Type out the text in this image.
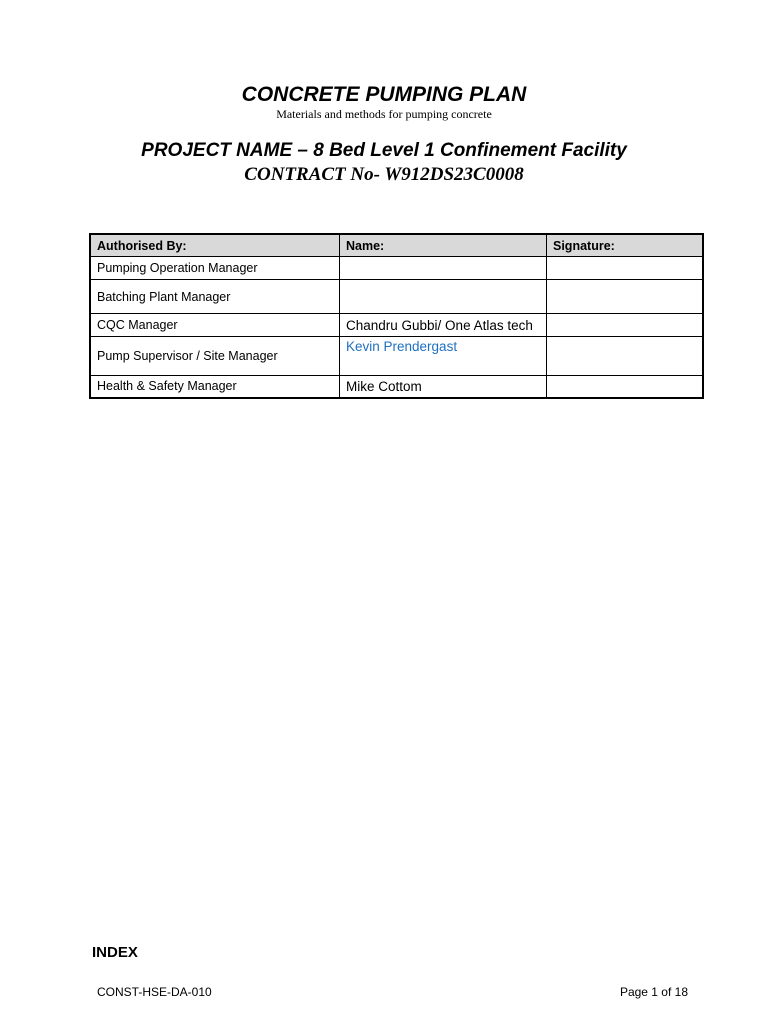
CONCRETE PUMPING PLAN
Materials and methods for pumping concrete
PROJECT NAME – 8 Bed Level 1 Confinement Facility
CONTRACT No- W912DS23C0008
Authorised By:	Name:	Signature:
Pumping Operation Manager		
Batching Plant Manager		
CQC Manager	Chandru Gubbi/ One Atlas tech	
Pump Supervisor / Site Manager	Kevin Prendergast	
Health & Safety Manager	Mike Cottom	
INDEX
CONST-HSE-DA-010	Page 1 of 18
